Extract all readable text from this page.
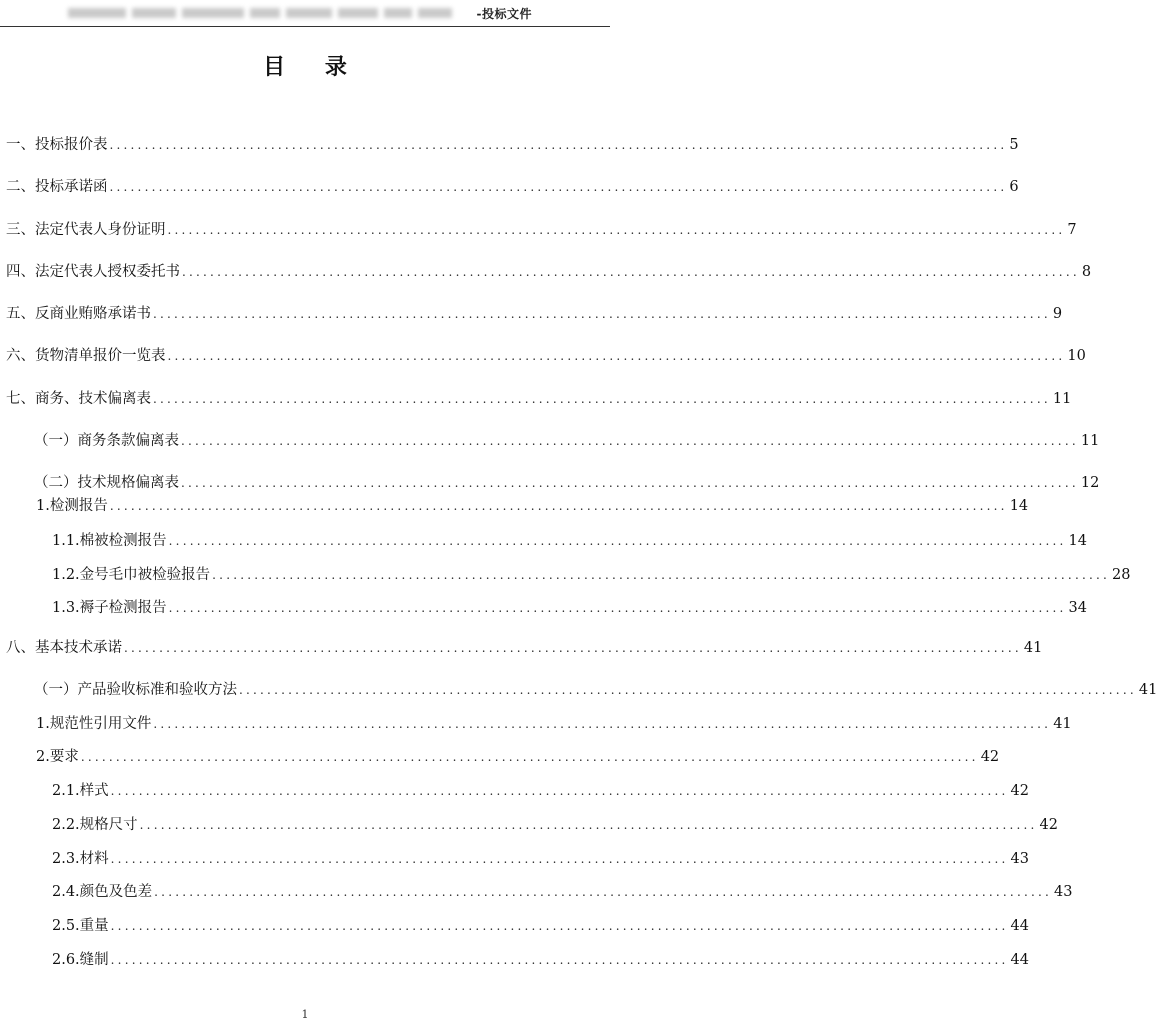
-投标文件
目 录
一、投标报价表 ................................................................................................................................ 5
二、投标承诺函 ................................................................................................................................ 6
三、法定代表人身份证明 ................................................................................................................................ 7
四、法定代表人授权委托书 ................................................................................................................................ 8
五、反商业贿赂承诺书 ................................................................................................................................ 9
六、货物清单报价一览表 ................................................................................................................................ 10
七、商务、技术偏离表 ................................................................................................................................ 11
（一）商务条款偏离表 ................................................................................................................................ 11
（二）技术规格偏离表 ................................................................................................................................ 12
1.检测报告 ................................................................................................................................ 14
1.1.棉被检测报告 ................................................................................................................................ 14
1.2.金号毛巾被检验报告 ................................................................................................................................ 28
1.3.褥子检测报告 ................................................................................................................................ 34
八、基本技术承诺 ................................................................................................................................ 41
（一）产品验收标准和验收方法 ................................................................................................................................ 41
1.规范性引用文件 ................................................................................................................................ 41
2.要求 ................................................................................................................................ 42
2.1.样式 ................................................................................................................................ 42
2.2.规格尺寸 ................................................................................................................................ 42
2.3.材料 ................................................................................................................................ 43
2.4.颜色及色差 ................................................................................................................................ 43
2.5.重量 ................................................................................................................................ 44
2.6.缝制 ................................................................................................................................ 44
1
